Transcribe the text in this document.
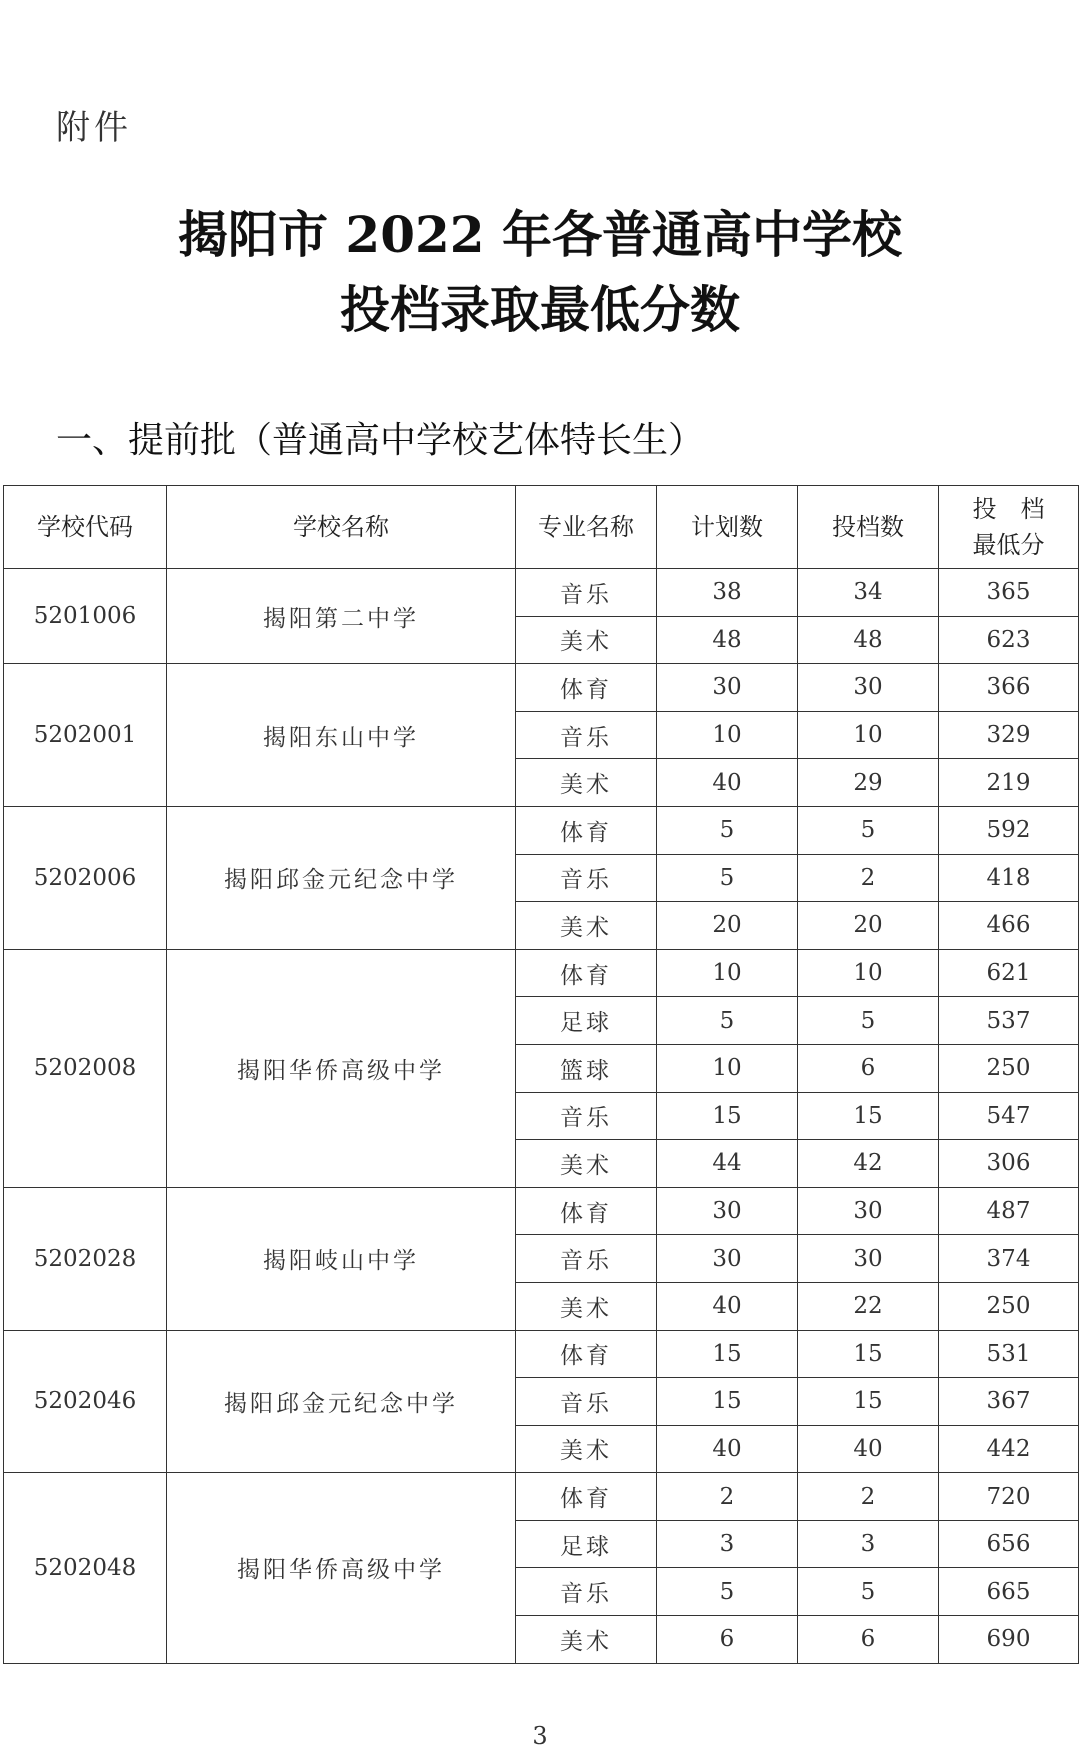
附件
揭阳市 2022 年各普通高中学校
投档录取最低分数
一、提前批（普通高中学校艺体特长生）
学校代码	学校名称	专业名称	计划数	投档数	投　档
最低分

5201006	揭阳第二中学	音乐	38	34	365
		美术	48	48	623
5202001	揭阳东山中学	体育	30	30	366
		音乐	10	10	329
		美术	40	29	219
5202006	揭阳邱金元纪念中学	体育	5	5	592
		音乐	5	2	418
		美术	20	20	466
5202008	揭阳华侨高级中学	体育	10	10	621
		足球	5	5	537
		篮球	10	6	250
		音乐	15	15	547
		美术	44	42	306
5202028	揭阳岐山中学	体育	30	30	487
		音乐	30	30	374
		美术	40	22	250
5202046	揭阳邱金元纪念中学	体育	15	15	531
		音乐	15	15	367
		美术	40	40	442
5202048	揭阳华侨高级中学	体育	2	2	720
		足球	3	3	656
		音乐	5	5	665
		美术	6	6	690
3
